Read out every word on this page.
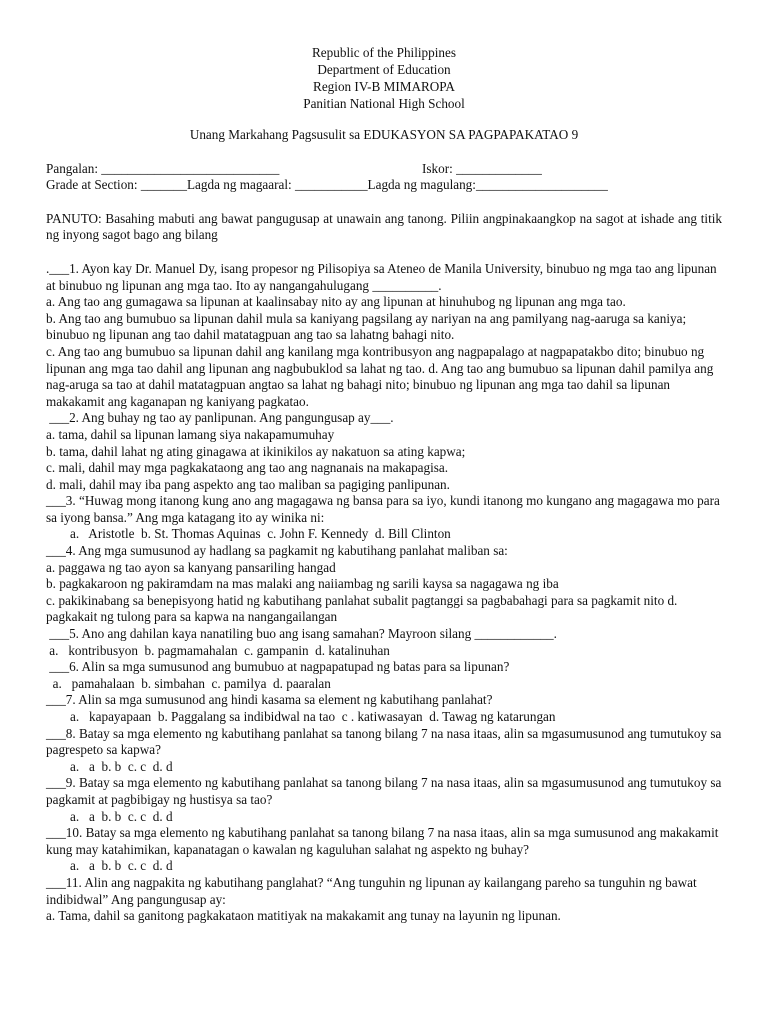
Republic of the Philippines
Department of Education
Region IV-B MIMAROPA
Panitian National High School
Unang Markahang Pagsusulit sa EDUKASYON SA PAGPAPAKATAO 9
Pangalan: ___________________________	Iskor: _____________
Grade at Section: _______Lagda ng magaaral: ___________Lagda ng magulang:____________________
PANUTO: Basahing mabuti ang bawat pangugusap at unawain ang tanong. Piliin angpinakaangkop na sagot at ishade ang titik ng inyong sagot bago ang bilang

.___1. Ayon kay Dr. Manuel Dy, isang propesor ng Pilisopiya sa Ateneo de Manila University, binubuo ng mga tao ang lipunan at binubuo ng lipunan ang mga tao. Ito ay nangangahulugang __________.

a. Ang tao ang gumagawa sa lipunan at kaalinsabay nito ay ang lipunan at hinuhubog ng lipunan ang mga tao.

b. Ang tao ang bumubuo sa lipunan dahil mula sa kaniyang pagsilang ay nariyan na ang pamilyang nag-aaruga sa kaniya; binubuo ng lipunan ang tao dahil matatagpuan ang tao sa lahatng bahagi nito.

c. Ang tao ang bumubuo sa lipunan dahil ang kanilang mga kontribusyon ang nagpapalago at nagpapatakbo dito; binubuo ng lipunan ang mga tao dahil ang lipunan ang nagbubuklod sa lahat ng tao. d. Ang tao ang bumubuo sa lipunan dahil pamilya ang nag-aruga sa tao at dahil matatagpuan angtao sa lahat ng bahagi nito; binubuo ng lipunan ang mga tao dahil sa lipunan makakamit ang kaganapan ng kaniyang pagkatao.

___2. Ang buhay ng tao ay panlipunan. Ang pangungusap ay___.

a. tama, dahil sa lipunan lamang siya nakapamumuhay

b. tama, dahil lahat ng ating ginagawa at ikinikilos ay nakatuon sa ating kapwa;

c. mali, dahil may mga pagkakataong ang tao ang nagnanais na makapagisa.

d. mali, dahil may iba pang aspekto ang tao maliban sa pagiging panlipunan.

___3. “Huwag mong itanong kung ano ang magagawa ng bansa para sa iyo, kundi itanong mo kungano ang magagawa mo para sa iyong bansa.” Ang mga katagang ito ay winika ni:

a.   Aristotle  b. St. Thomas Aquinas  c. John F. Kennedy  d. Bill Clinton

___4. Ang mga sumusunod ay hadlang sa pagkamit ng kabutihang panlahat maliban sa:

a. paggawa ng tao ayon sa kanyang pansariling hangad

b. pagkakaroon ng pakiramdam na mas malaki ang naiiambag ng sarili kaysa sa nagagawa ng iba

c. pakikinabang sa benepisyong hatid ng kabutihang panlahat subalit pagtanggi sa pagbabahagi para sa pagkamit nito d. pagkakait ng tulong para sa kapwa na nangangailangan

___5. Ano ang dahilan kaya nanatiling buo ang isang samahan? Mayroon silang ____________.

a.   kontribusyon  b. pagmamahalan  c. gampanin  d. katalinuhan

___6. Alin sa mga sumusunod ang bumubuo at nagpapatupad ng batas para sa lipunan?

a.   pamahalaan  b. simbahan  c. pamilya  d. paaralan

___7. Alin sa mga sumusunod ang hindi kasama sa element ng kabutihang panlahat?

a.   kapayapaan  b. Paggalang sa indibidwal na tao  c . katiwasayan  d. Tawag ng katarungan

___8. Batay sa mga elemento ng kabutihang panlahat sa tanong bilang 7 na nasa itaas, alin sa mgasumusunod ang tumutukoy sa pagrespeto sa kapwa?

a.   a  b. b  c. c  d. d

___9. Batay sa mga elemento ng kabutihang panlahat sa tanong bilang 7 na nasa itaas, alin sa mgasumusunod ang tumutukoy sa pagkamit at pagbibigay ng hustisya sa tao?

a.   a  b. b  c. c  d. d

___10. Batay sa mga elemento ng kabutihang panlahat sa tanong bilang 7 na nasa itaas, alin sa mga sumusunod ang makakamit kung may katahimikan, kapanatagan o kawalan ng kaguluhan salahat ng aspekto ng buhay?

a.   a  b. b  c. c  d. d

___11. Alin ang nagpakita ng kabutihang panglahat? “Ang tunguhin ng lipunan ay kailangang pareho sa tunguhin ng bawat indibidwal” Ang pangungusap ay:

a. Tama, dahil sa ganitong pagkakataon matitiyak na makakamit ang tunay na layunin ng lipunan.
